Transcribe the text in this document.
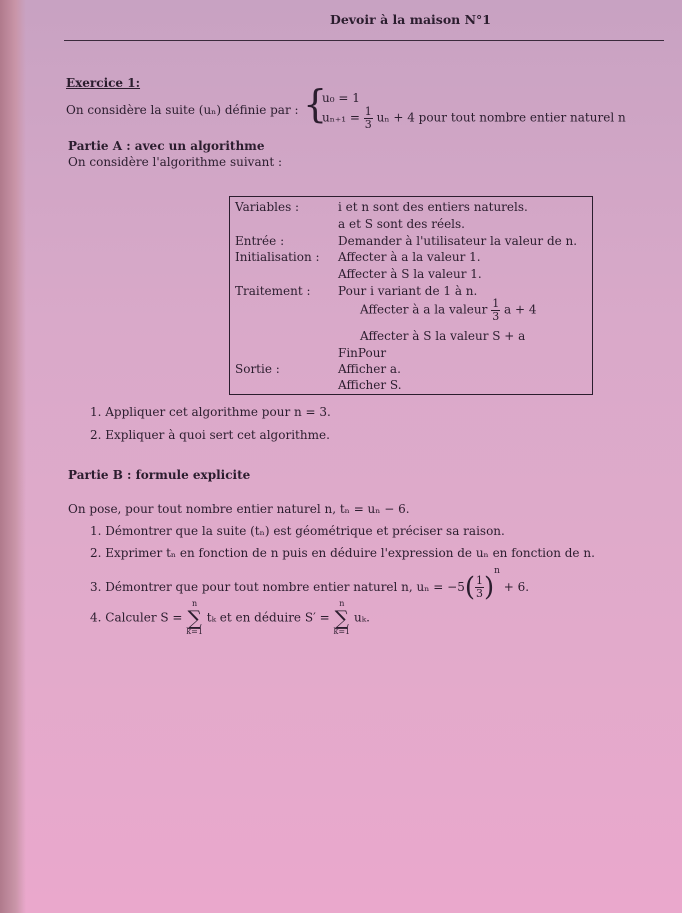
Devoir à la maison N°1
Exercice 1:
On considère la suite (uₙ) définie par : {
u₀ = 1
$u_{n+1} = \frac{1}{3}$ uₙ + 4 pour tout nombre entier naturel n
Partie A : avec un algorithme
On considère l'algorithme suivant :
Variables :	i et n sont des entiers naturels.
a et S sont des réels.
Entrée :	Demander à l'utilisateur la valeur de n.
Initialisation : Affecter à a la valeur 1.
Affecter à S la valeur 1.
Traitement : Pour i variant de 1 à n.
Affecter à a la valeur $\frac{1}{3}$ a + 4
Affecter à S la valeur S + a
FinPour
Sortie :	Afficher a.
Afficher S.
1. Appliquer cet algorithme pour n = 3.
2. Expliquer à quoi sert cet algorithme.
Partie B : formule explicite
On pose, pour tout nombre entier naturel n, tₙ = uₙ − 6.
1. Démontrer que la suite (tₙ) est géométrique et préciser sa raison.
2. Exprimer tₙ en fonction de n puis en déduire l'expression de uₙ en fonction de n.
3. Démontrer que pour tout nombre entier naturel n, $u_n = -5( \frac{1}{3} )^n + 6$.
4. Calculer S =
n
∑
k=1
tₖ et en déduire S′ =
n
∑
k=1
uₖ.
